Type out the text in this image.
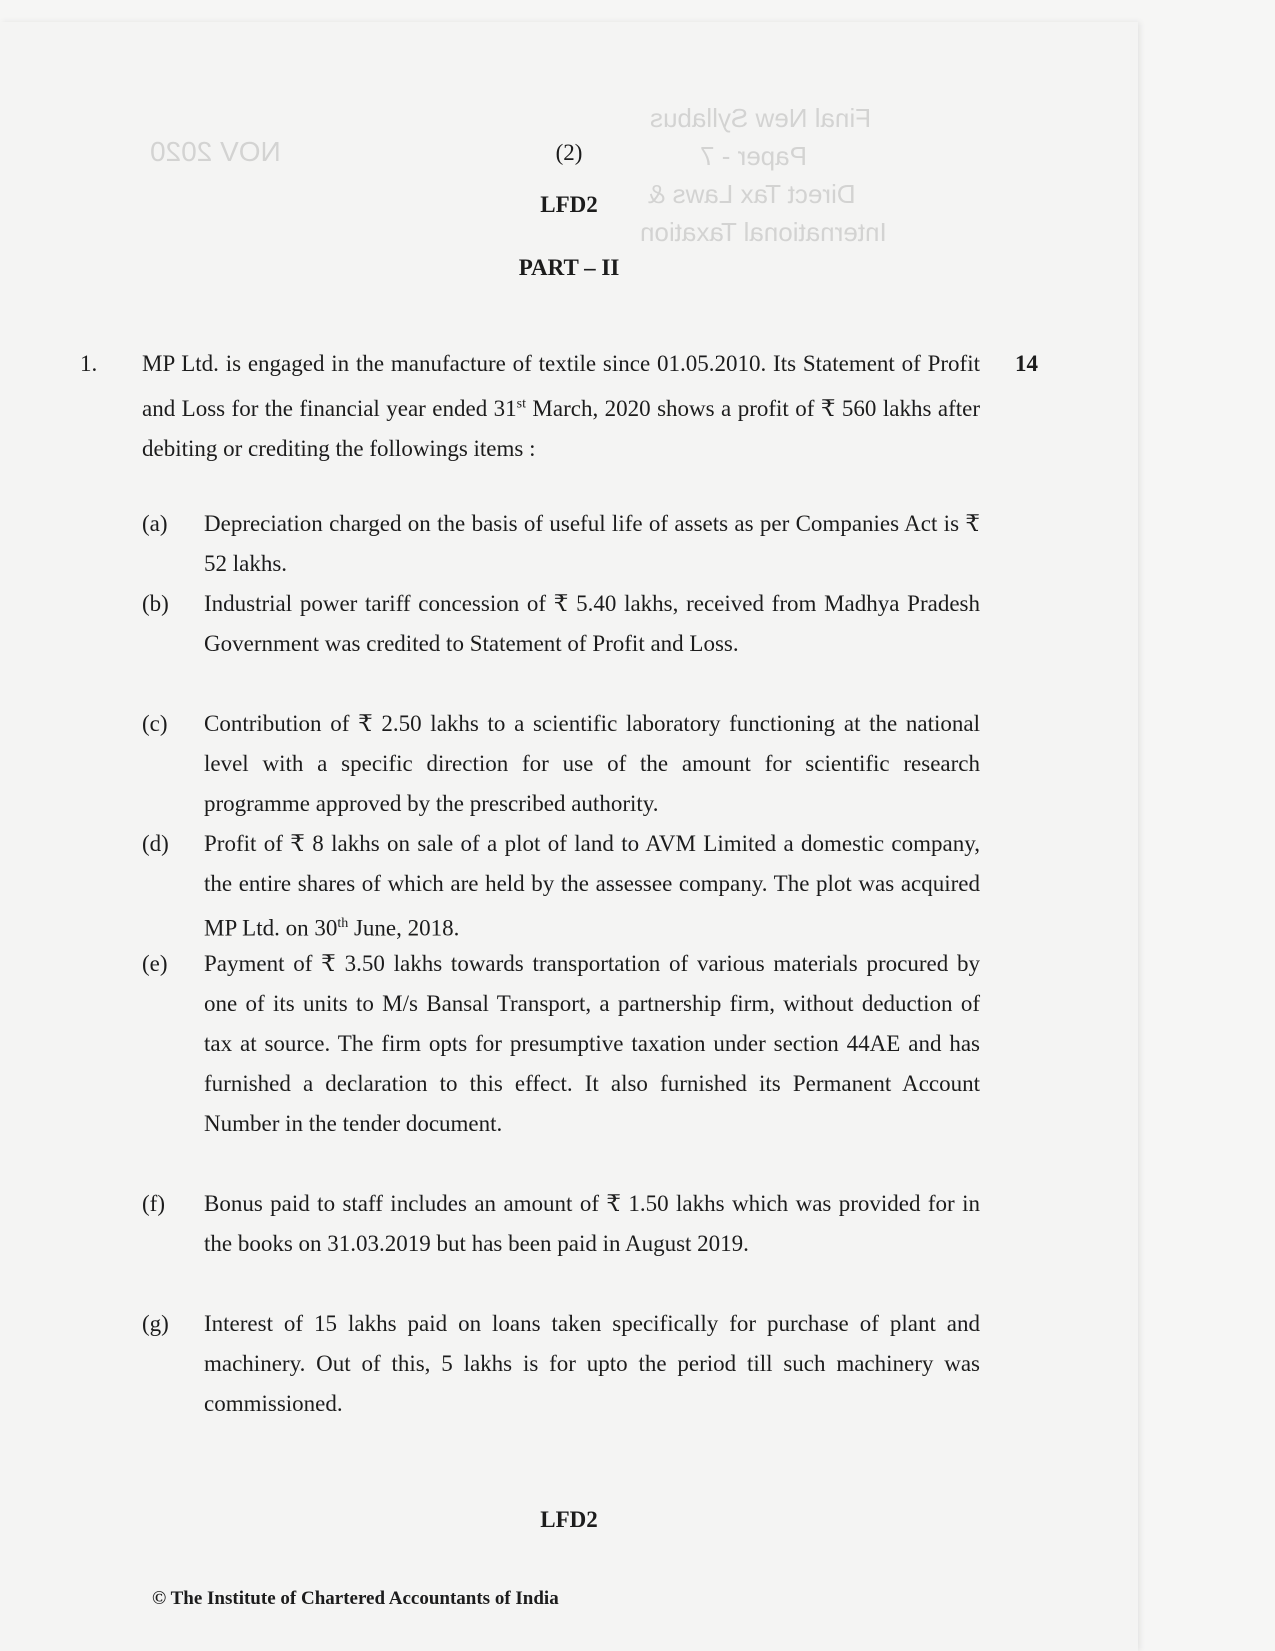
Final New Syllabus
Paper - 7
Direct Tax Laws &
International Taxation
NOV 2020	(2)
LFD2
PART – II
1.	14
MP Ltd. is engaged in the manufacture of textile since 01.05.2010. Its Statement of Profit and Loss for the financial year ended 31st March, 2020 shows a profit of ₹ 560 lakhs after debiting or crediting the followings items :
(a)	Depreciation charged on the basis of useful life of assets as per Companies Act is ₹ 52 lakhs.
(b)	Industrial power tariff concession of ₹ 5.40 lakhs, received from Madhya Pradesh Government was credited to Statement of Profit and Loss.
(c)	Contribution of ₹ 2.50 lakhs to a scientific laboratory functioning at the national level with a specific direction for use of the amount for scientific research programme approved by the prescribed authority.
(d)	Profit of ₹ 8 lakhs on sale of a plot of land to AVM Limited a domestic company, the entire shares of which are held by the assessee company. The plot was acquired MP Ltd. on 30th June, 2018.
(e)	Payment of ₹ 3.50 lakhs towards transportation of various materials procured by one of its units to M/s Bansal Transport, a partnership firm, without deduction of tax at source. The firm opts for presumptive taxation under section 44AE and has furnished a declaration to this effect. It also furnished its Permanent Account Number in the tender document.
(f)	Bonus paid to staff includes an amount of ₹ 1.50 lakhs which was provided for in the books on 31.03.2019 but has been paid in August 2019.
(g)	Interest of 15 lakhs paid on loans taken specifically for purchase of plant and machinery. Out of this, 5 lakhs is for upto the period till such machinery was commissioned.
LFD2
© The Institute of Chartered Accountants of India
